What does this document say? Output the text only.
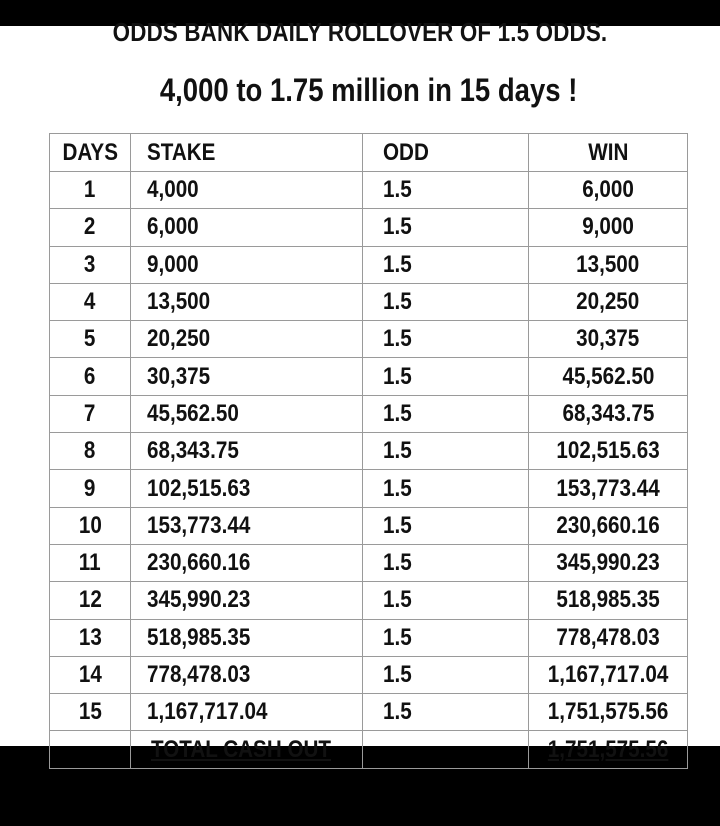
ODDS BANK DAILY ROLLOVER OF 1.5 ODDS.
4,000 to 1.75 million in 15 days !
DAYS	STAKE	ODD	WIN
1	4,000	1.5	6,000
2	6,000	1.5	9,000
3	9,000	1.5	13,500
4	13,500	1.5	20,250
5	20,250	1.5	30,375
6	30,375	1.5	45,562.50
7	45,562.50	1.5	68,343.75
8	68,343.75	1.5	102,515.63
9	102,515.63	1.5	153,773.44
10	153,773.44	1.5	230,660.16
11	230,660.16	1.5	345,990.23
12	345,990.23	1.5	518,985.35
13	518,985.35	1.5	778,478.03
14	778,478.03	1.5	1,167,717.04
15	1,167,717.04	1.5	1,751,575.56
	TOTAL CASH OUT		1,751,575.56
